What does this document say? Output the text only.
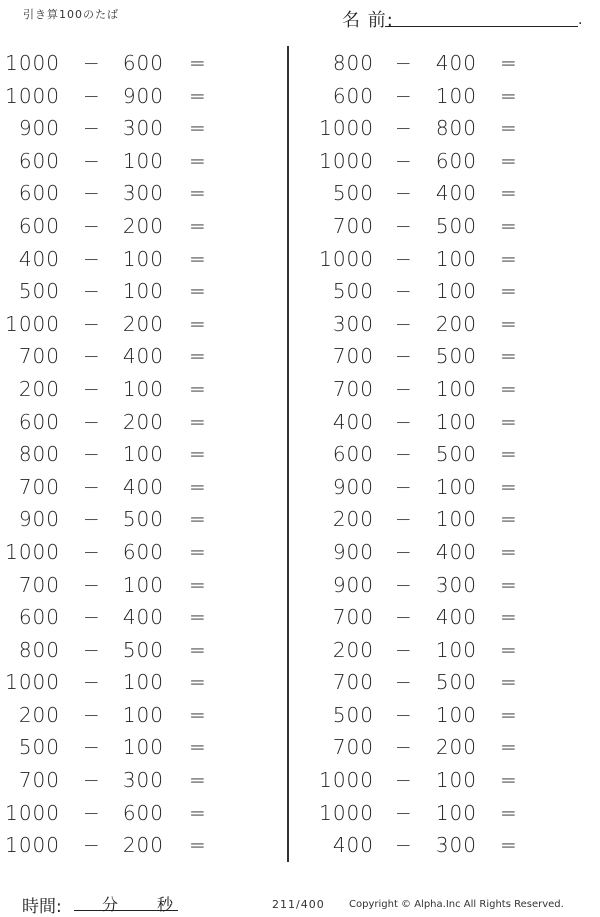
引き算100のたば	名 前:	.
1000 − 600 =
1000 − 900 =
900 − 300 =
600 − 100 =
600 − 300 =
600 − 200 =
400 − 100 =
500 − 100 =
1000 − 200 =
700 − 400 =
200 − 100 =
600 − 200 =
800 − 100 =
700 − 400 =
900 − 500 =
1000 − 600 =
700 − 100 =
600 − 400 =
800 − 500 =
1000 − 100 =
200 − 100 =
500 − 100 =
700 − 300 =
1000 − 600 =
1000 − 200 =
800 − 400 =
600 − 100 =
1000 − 800 =
1000 − 600 =
500 − 400 =
700 − 500 =
1000 − 100 =
500 − 100 =
300 − 200 =
700 − 500 =
700 − 100 =
400 − 100 =
600 − 500 =
900 − 100 =
200 − 100 =
900 − 400 =
900 − 300 =
700 − 400 =
200 − 100 =
700 − 500 =
500 − 100 =
700 − 200 =
1000 − 100 =
1000 − 100 =
400 − 300 =
時間:	分 秒	211/400 Copyright © Alpha.Inc All Rights Reserved.
